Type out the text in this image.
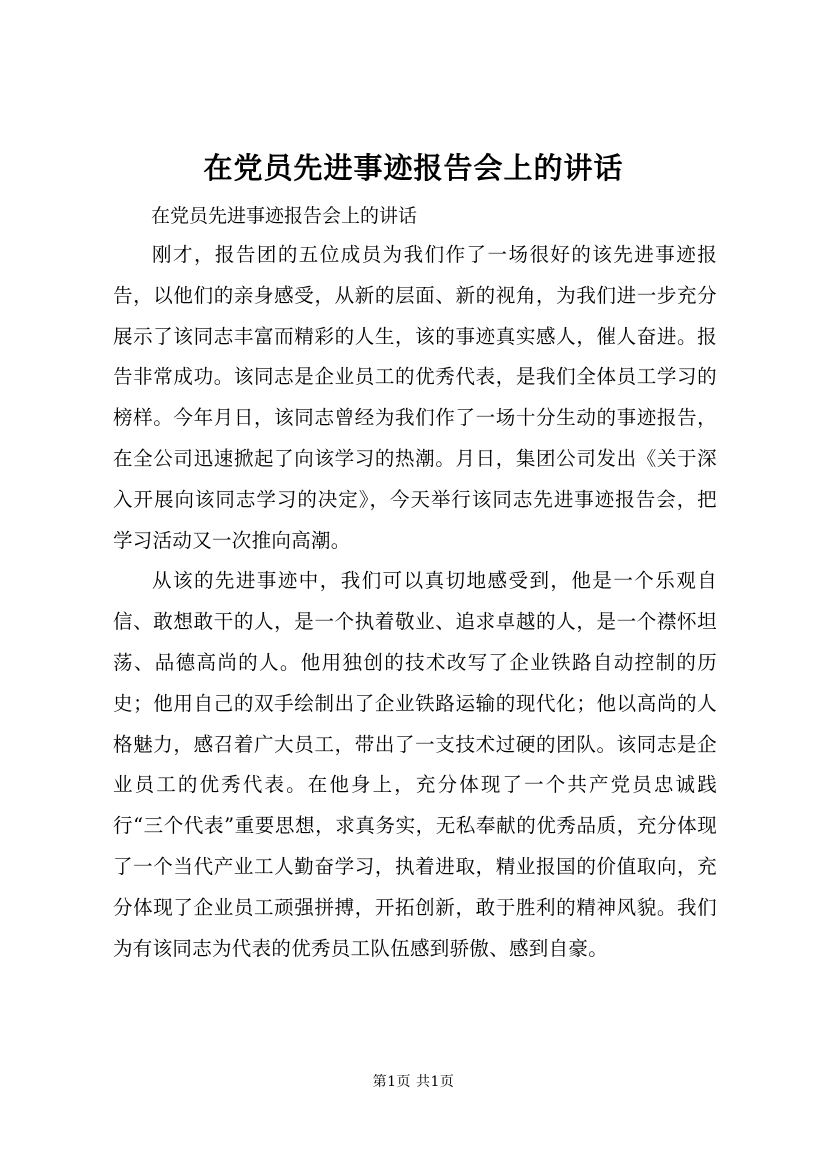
在党员先进事迹报告会上的讲话

在党员先进事迹报告会上的讲话

刚才，报告团的五位成员为我们作了一场很好的该先进事迹报告，以他们的亲身感受，从新的层面、新的视角，为我们进一步充分展示了该同志丰富而精彩的人生，该的事迹真实感人，催人奋进。报告非常成功。该同志是企业员工的优秀代表，是我们全体员工学习的榜样。今年月日，该同志曾经为我们作了一场十分生动的事迹报告，在全公司迅速掀起了向该学习的热潮。月日，集团公司发出《关于深入开展向该同志学习的决定》，今天举行该同志先进事迹报告会，把学习活动又一次推向高潮。

从该的先进事迹中，我们可以真切地感受到，他是一个乐观自信、敢想敢干的人，是一个执着敬业、追求卓越的人，是一个襟怀坦荡、品德高尚的人。他用独创的技术改写了企业铁路自动控制的历史；他用自己的双手绘制出了企业铁路运输的现代化；他以高尚的人格魅力，感召着广大员工，带出了一支技术过硬的团队。该同志是企业员工的优秀代表。在他身上，充分体现了一个共产党员忠诚践行“三个代表”重要思想，求真务实，无私奉献的优秀品质，充分体现了一个当代产业工人勤奋学习，执着进取，精业报国的价值取向，充分体现了企业员工顽强拼搏，开拓创新，敢于胜利的精神风貌。我们为有该同志为代表的优秀员工队伍感到骄傲、感到自豪。

第1页 共1页
